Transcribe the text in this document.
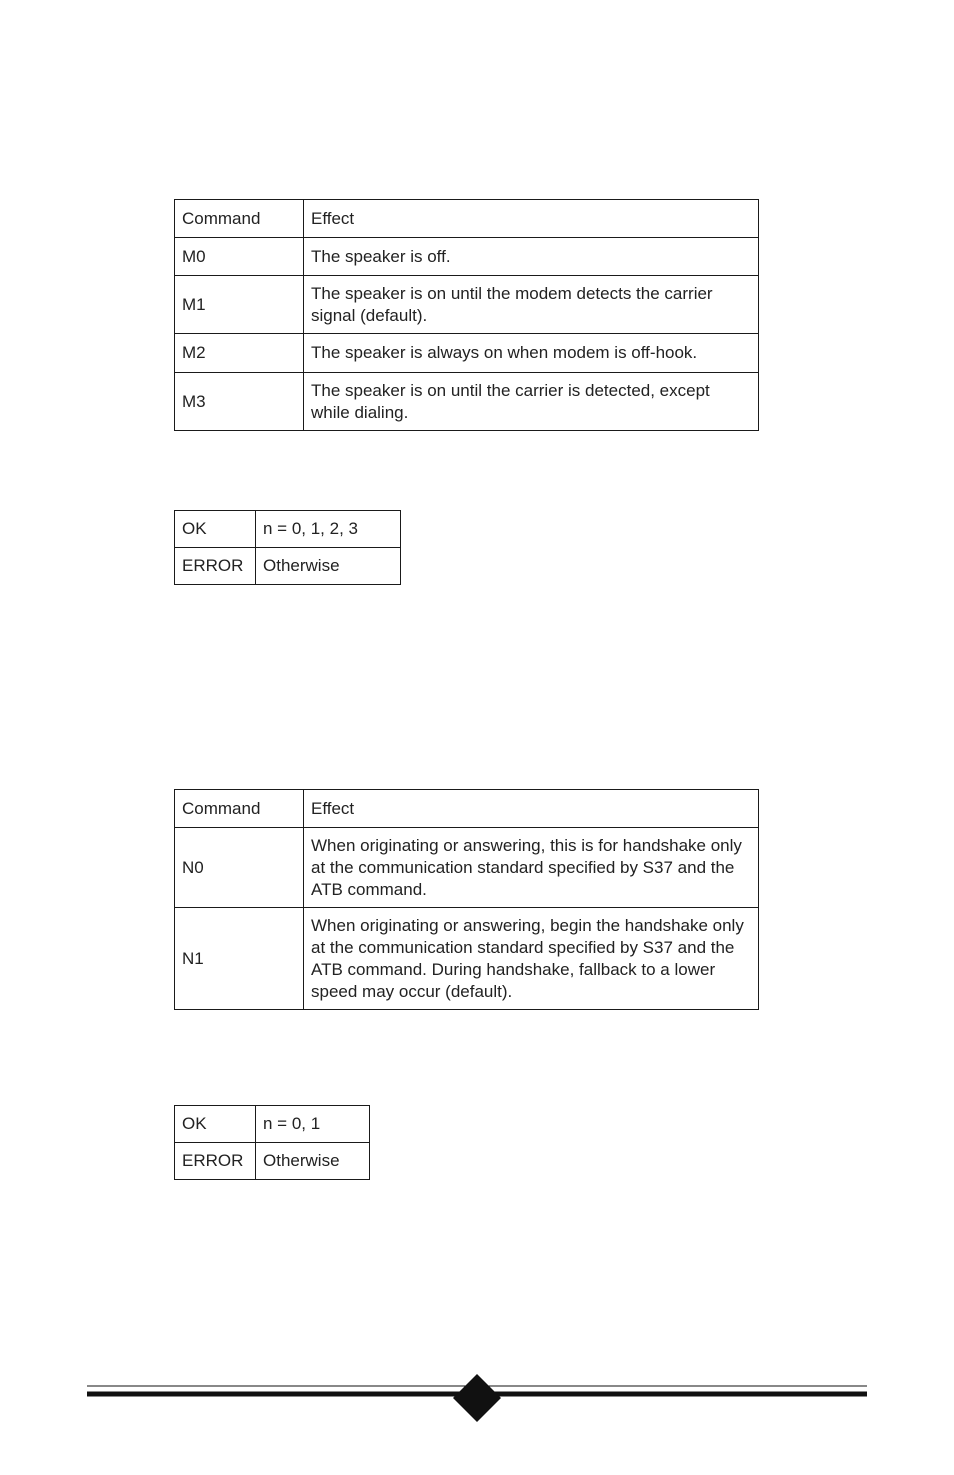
Command	Effect
M0	The speaker is off.
M1	The speaker is on until the modem detects the carrier signal (default).
M2	The speaker is always on when modem is off-hook.
M3	The speaker is on until the carrier is detected, except while dialing.
OK	n = 0, 1, 2, 3
ERROR	Otherwise
Command	Effect
N0	When originating or answering, this is for handshake only at the communication standard specified by S37 and the ATB command.
N1	When originating or answering, begin the handshake only at the communication standard specified by S37 and the ATB command. During handshake, fallback to a lower speed may occur (default).
OK	n = 0, 1
ERROR	Otherwise
